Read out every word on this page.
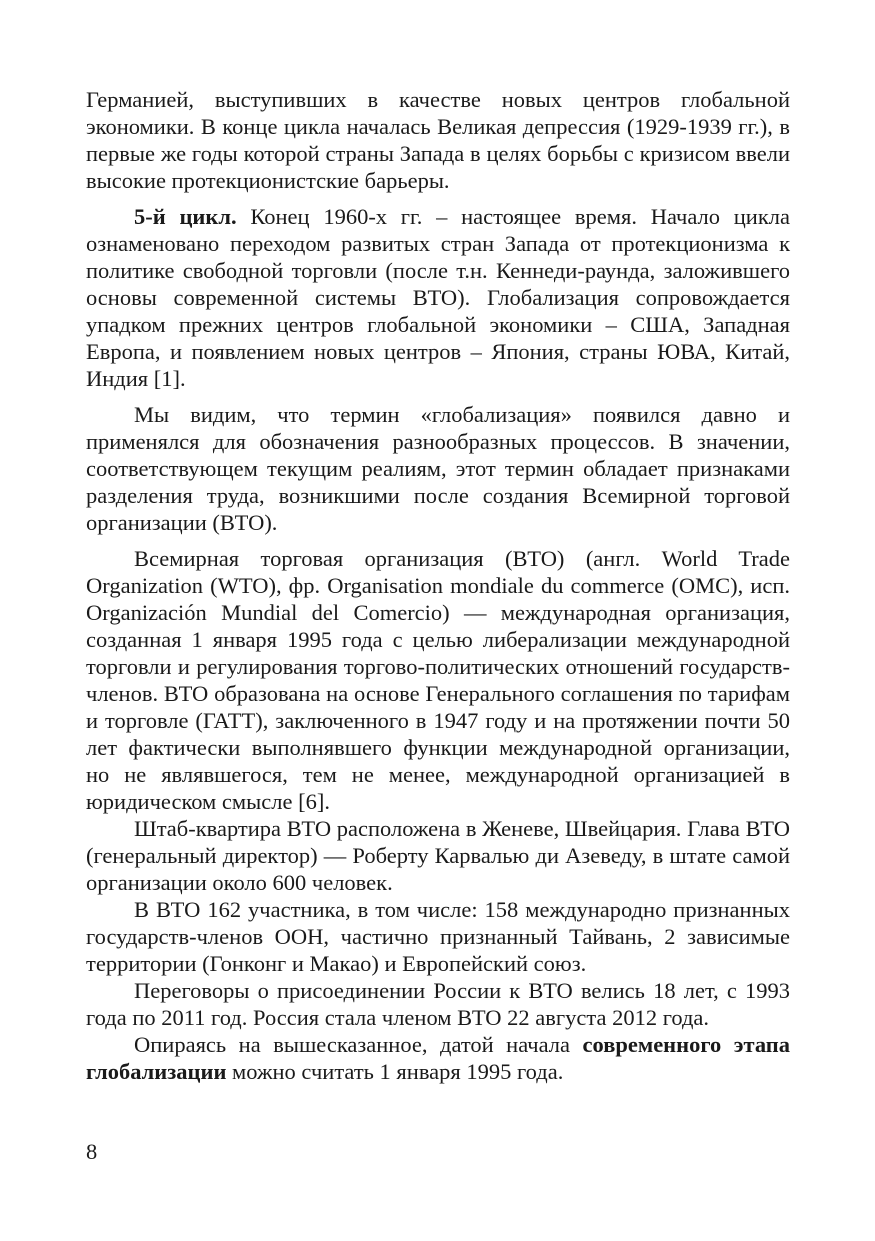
Германией, выступивших в качестве новых центров глобальной экономики. В конце цикла началась Великая депрессия (1929-1939 гг.), в первые же годы которой страны Запада в целях борьбы с кризисом ввели высокие протекционистские барьеры.

5-й цикл. Конец 1960-х гг. – настоящее время. Начало цикла ознаменовано переходом развитых стран Запада от протекционизма к политике свободной торговли (после т.н. Кеннеди-раунда, заложившего основы современной системы ВТО). Глобализация сопровождается упадком прежних центров глобальной экономики – США, Западная Европа, и появлением новых центров – Япония, страны ЮВА, Китай, Индия [1].

Мы видим, что термин «глобализация» появился давно и применялся для обозначения разнообразных процессов. В значении, соответствующем текущим реалиям, этот термин обладает признаками разделения труда, возникшими после создания Всемирной торговой организации (ВТО).

Всемирная торговая организация (ВТО) (англ. World Trade Organization (WTO), фр. Organisation mondiale du commerce (OMC), исп. Organización Mundial del Comercio) — международная организация, созданная 1 января 1995 года с целью либерализации международной торговли и регулирования торгово-политических отношений государств-членов. ВТО образована на основе Генерального соглашения по тарифам и торговле (ГАТТ), заключенного в 1947 году и на протяжении почти 50 лет фактически выполнявшего функции международной организации, но не являвшегося, тем не менее, международной организацией в юридическом смысле [6].

Штаб-квартира ВТО расположена в Женеве, Швейцария. Глава ВТО (генеральный директор) — Роберту Карвалью ди Азеведу, в штате самой организации около 600 человек.

В ВТО 162 участника, в том числе: 158 международно признанных государств-членов ООН, частично признанный Тайвань, 2 зависимые территории (Гонконг и Макао) и Европейский союз.

Переговоры о присоединении России к ВТО велись 18 лет, с 1993 года по 2011 год. Россия стала членом ВТО 22 августа 2012 года.

Опираясь на вышесказанное, датой начала современного этапа глобализации можно считать 1 января 1995 года.

8
